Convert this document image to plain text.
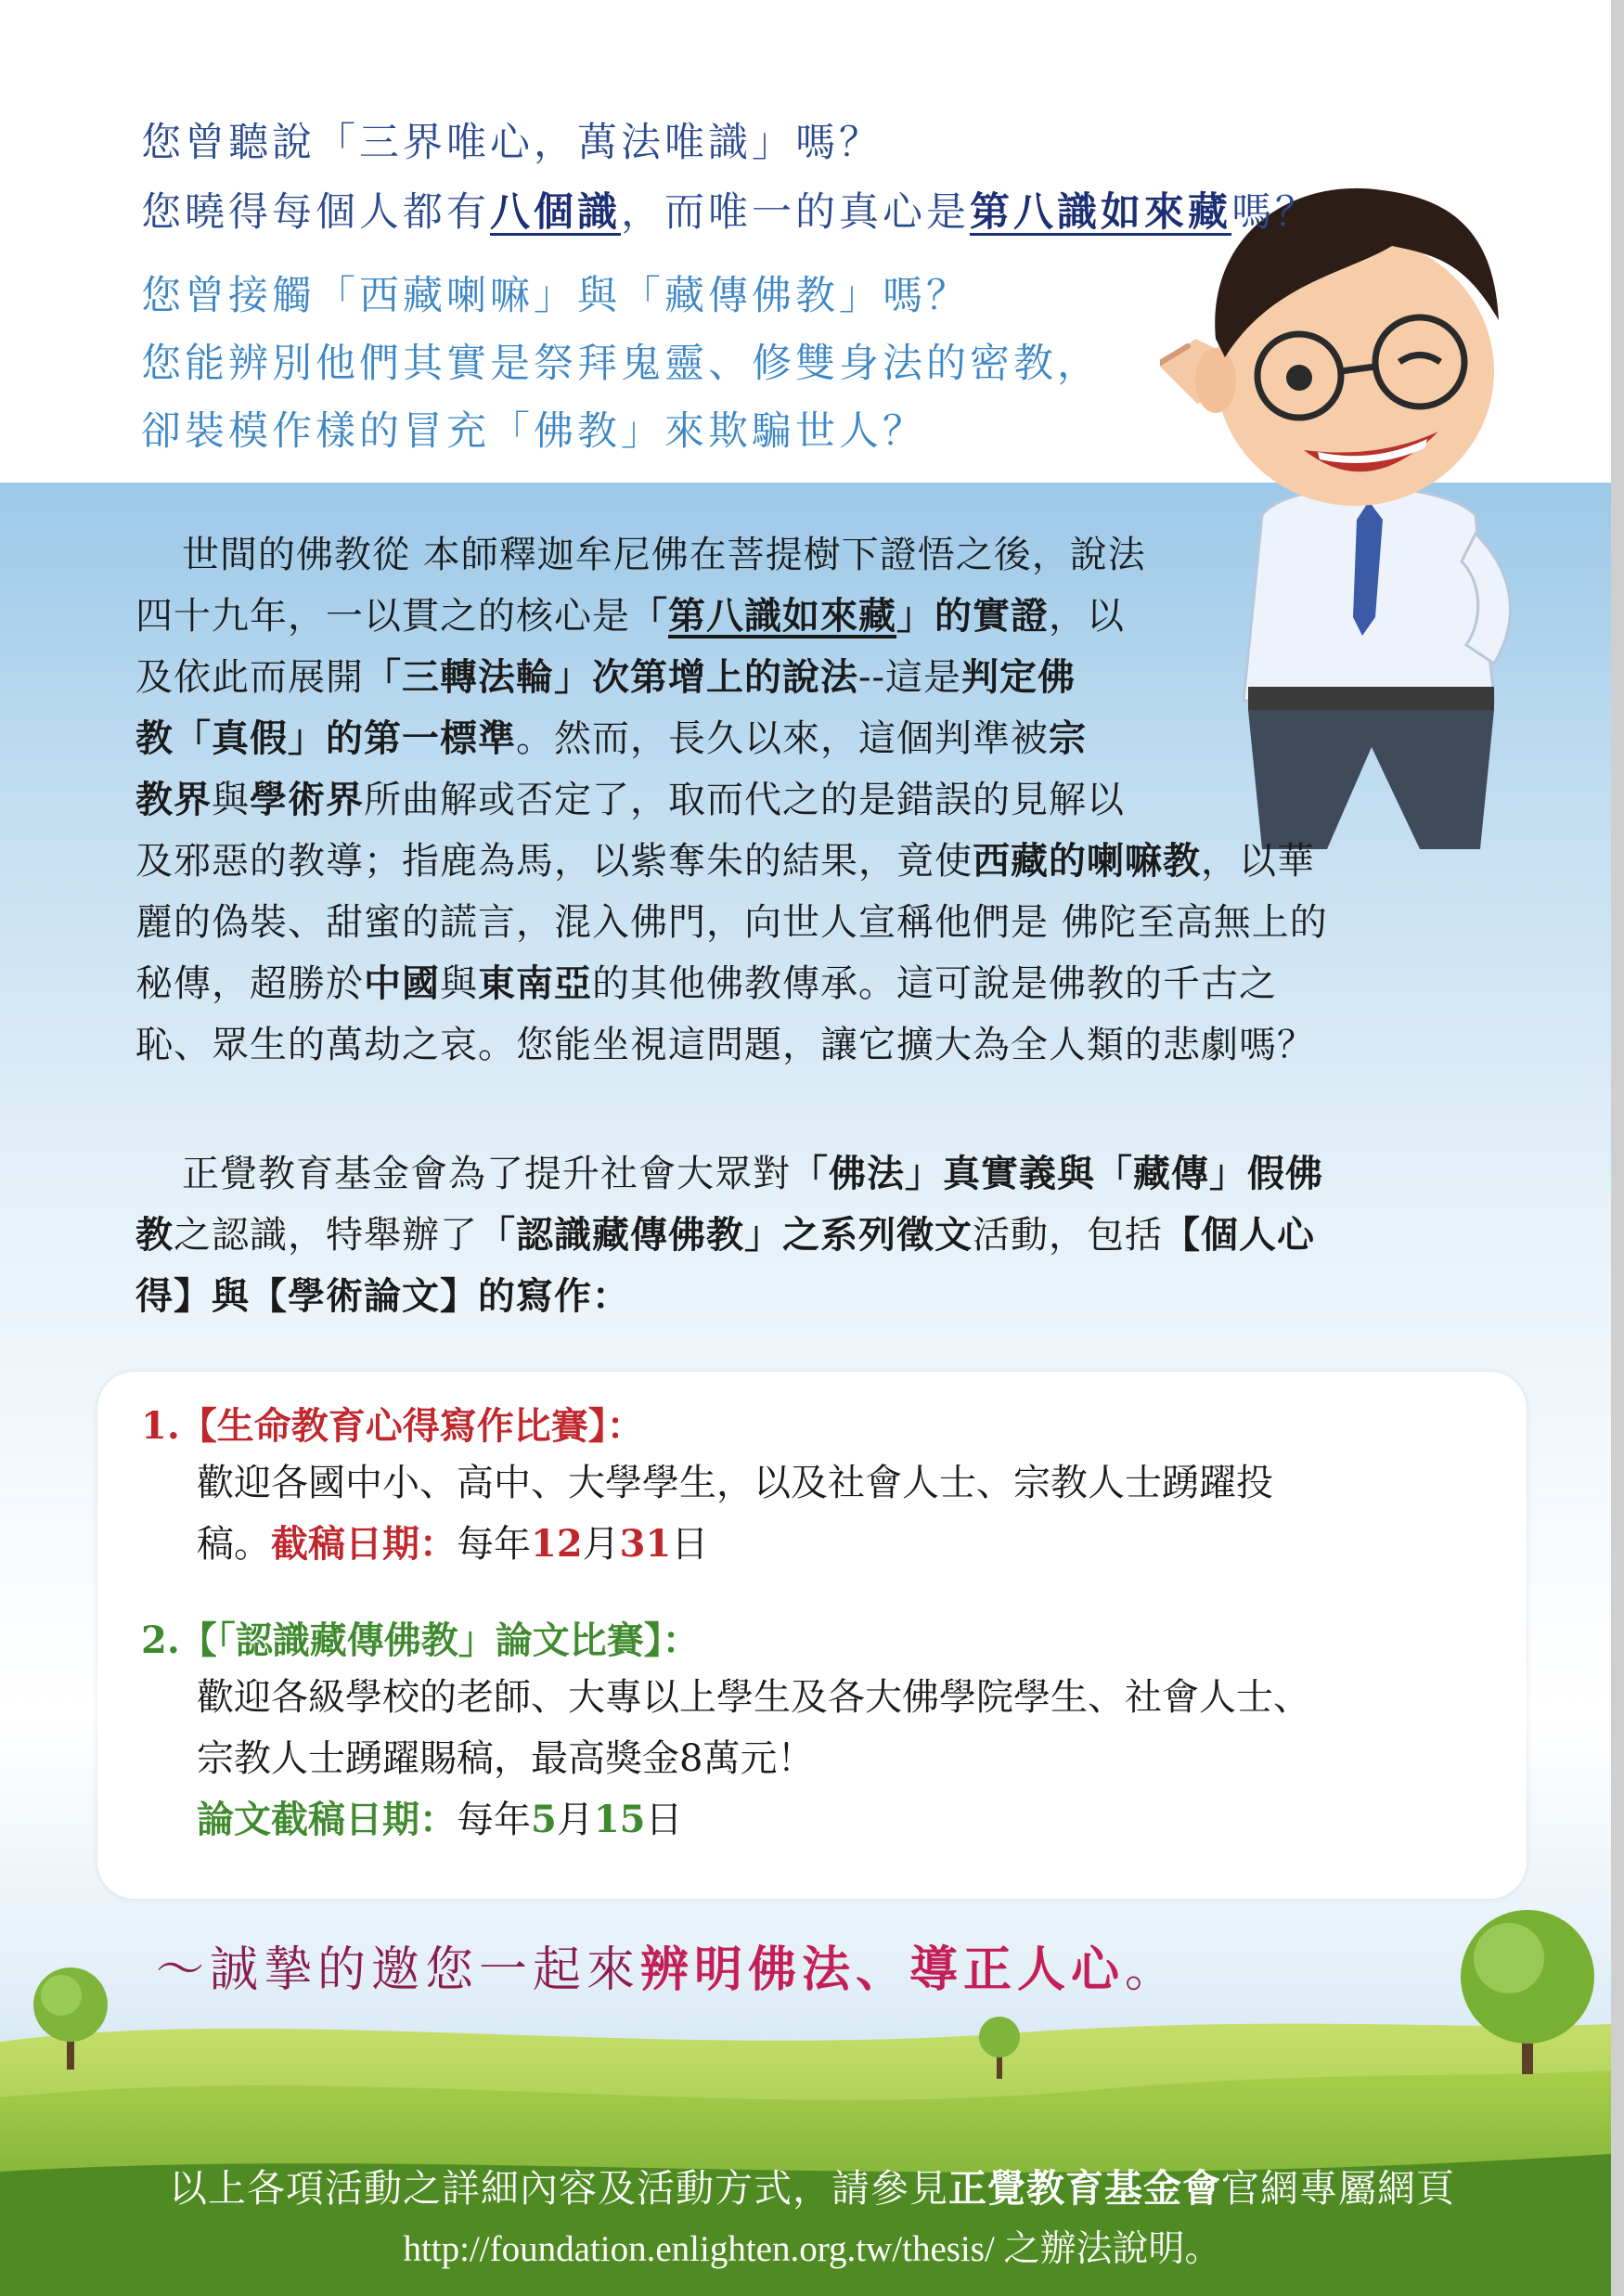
您曾聽說「三界唯心，萬法唯識」嗎？
您曉得每個人都有八個識，而唯一的真心是第八識如來藏嗎？
您曾接觸「西藏喇嘛」與「藏傳佛教」嗎？
您能辨別他們其實是祭拜鬼靈、修雙身法的密教，
卻裝模作樣的冒充「佛教」來欺騙世人？
世間的佛教從 本師釋迦牟尼佛在菩提樹下證悟之後，說法
四十九年，一以貫之的核心是「第八識如來藏」的實證，以
及依此而展開「三轉法輪」次第增上的說法--這是判定佛
教「真假」的第一標準。然而，長久以來，這個判準被宗
教界與學術界所曲解或否定了，取而代之的是錯誤的見解以
及邪惡的教導；指鹿為馬，以紫奪朱的結果，竟使西藏的喇嘛教，以華
麗的偽裝、甜蜜的謊言，混入佛門，向世人宣稱他們是 佛陀至高無上的
秘傳，超勝於中國與東南亞的其他佛教傳承。這可說是佛教的千古之
恥、眾生的萬劫之哀。您能坐視這問題，讓它擴大為全人類的悲劇嗎？
正覺教育基金會為了提升社會大眾對「佛法」真實義與「藏傳」假佛
教之認識，特舉辦了「認識藏傳佛教」之系列徵文活動，包括【個人心
得】與【學術論文】的寫作：
1.【生命教育心得寫作比賽】：
歡迎各國中小、高中、大學學生，以及社會人士、宗教人士踴躍投
稿。截稿日期：每年12月31日
2.【「認識藏傳佛教」論文比賽】：
歡迎各級學校的老師、大專以上學生及各大佛學院學生、社會人士、
宗教人士踴躍賜稿，最高獎金8萬元！
論文截稿日期：每年5月15日
～誠摯的邀您一起來辨明佛法、導正人心。
以上各項活動之詳細內容及活動方式，請參見正覺教育基金會官網專屬網頁
http://foundation.enlighten.org.tw/thesis/ 之辦法說明。
